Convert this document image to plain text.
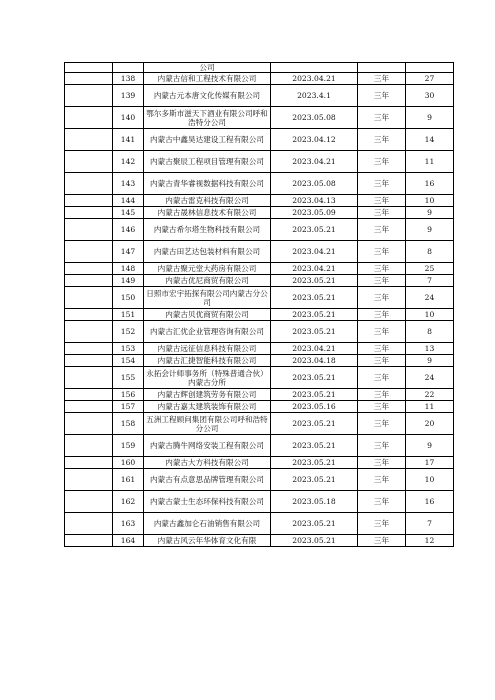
		公司			
	138	内蒙古信和工程技术有限公司	2023.04.21	三年	27
	139	内蒙古元本唐文化传媒有限公司	2023.4.1	三年	30
	140	鄂尔多斯市滋天下酒业有限公司呼和浩特分公司	2023.05.08	三年	9
	141	内蒙古中鑫昊达建设工程有限公司	2023.04.12	三年	14
	142	内蒙古聚辰工程项目管理有限公司	2023.04.21	三年	11
	143	内蒙古青华睿视数据科技有限公司	2023.05.08	三年	16
	144	内蒙古雷克科技有限公司	2023.04.13	三年	10
	145	内蒙古晟林信息技术有限公司	2023.05.09	三年	9
	146	内蒙古希尔塔生物科技有限公司	2023.05.21	三年	9
	147	内蒙古田艺达包装材料有限公司	2023.04.21	三年	8
	148	内蒙古聚元堂大药房有限公司	2023.04.21	三年	25
	149	内蒙古优尼商贸有限公司	2023.05.21	三年	7
	150	日照市宏宇拓探有限公司内蒙古分公司	2023.05.21	三年	24
	151	内蒙古贝优商贸有限公司	2023.05.21	三年	10
	152	内蒙古汇优企业管理咨询有限公司	2023.05.21	三年	8
	153	内蒙古远征信息科技有限公司	2023.04.21	三年	13
	154	内蒙古汇捷智能科技有限公司	2023.04.18	三年	9
	155	永拓会计师事务所（特殊普通合伙）内蒙古分所	2023.05.21	三年	24
	156	内蒙古辉创建筑劳务有限公司	2023.05.21	三年	22
	157	内蒙古嘉太建筑装饰有限公司	2023.05.16	三年	11
	158	五洲工程顾问集团有限公司呼和浩特分公司	2023.05.21	三年	20
	159	内蒙古腾牛网络安装工程有限公司	2023.05.21	三年	9
	160	内蒙古大方科技有限公司	2023.05.21	三年	17
	161	内蒙古有点意思品牌管理有限公司	2023.05.21	三年	10
	162	内蒙古蒙士生态环保科技有限公司	2023.05.18	三年	16
	163	内蒙古鑫加仑石油销售有限公司	2023.05.21	三年	7
	164	内蒙古风云年华体育文化有限	2023.05.21	三年	12
